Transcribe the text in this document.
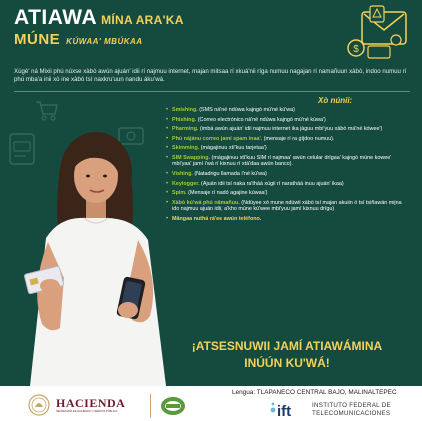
ATIAWA MÍNA ARA'KA
MÚNE KÚWAA' MBÚKAA
$
Xúgè' ná Mixii phú núxse xàbò awún ajuán' idii rí najmuu internet, majan mitsaa rí xkuá'nii ríga numuu nagajan rí namañuun xàbò, indoo numuu rí phú mba'a inii xò ine xàbò tsí naxkru'uun nandu ákuʼwá.
Xò núnii:
• Smishing. (SMS ná'né ndúwa kajngò mú'né kú'wa)
• Phishing. (Correo electrónico ná'né ndúwa kajngò mú'né kúwa')
• Pharming. (imbá awún ajuán' idii najmuu internet ika jàguu mbi'yuu xàbò má'né kówee')
• Phú nájánu correo jamí spam inaa'. (mensaje rí ra gíjdoo numuu).
• Skimming. (mágajinuu xtí'kuu tarjetaa')
• SIM Swapping. (mágajinuu xtí'kuu SIM rí najmaa' awún celular drígaa' kajngò múne kowee' mbi'yaa' jamí i'wá rí kixnuu rí xtá'daa awún banco).
• Vishing. (Natadrigu llamada í'né kú'wa)
• Keylogger. (Ajuán idii tsí naka ra'tháá xúgii rí naratháá inuu ajuán' ikaa)
• Spim. (Mensaje rí nadó agajine kúwaa')
• Xàbò kú'wá phú nâmañuu. (Ndúyee xó mune ndúwii xàbò tsí majan akuiin ó tsí tsiñawán mijna ido najmuu ajuán idii, a'kho múne kú'wee mbi'yuu jamí kixnuu drígu)
• Mângaa nuthá rá'ee awún teléfono.
¡ATSESNUWII JAMÍ ATIAWÁMINA
INÚÚN KU'WÁ!
Lengua: TLAPANECO CENTRAL BAJO, MALINALTEPEC
HACIENDA
SECRETARÍA DE HACIENDA Y CRÉDITO PÚBLICO	ift	INSTITUTO FEDERAL DE
TELECOMUNICACIONES
